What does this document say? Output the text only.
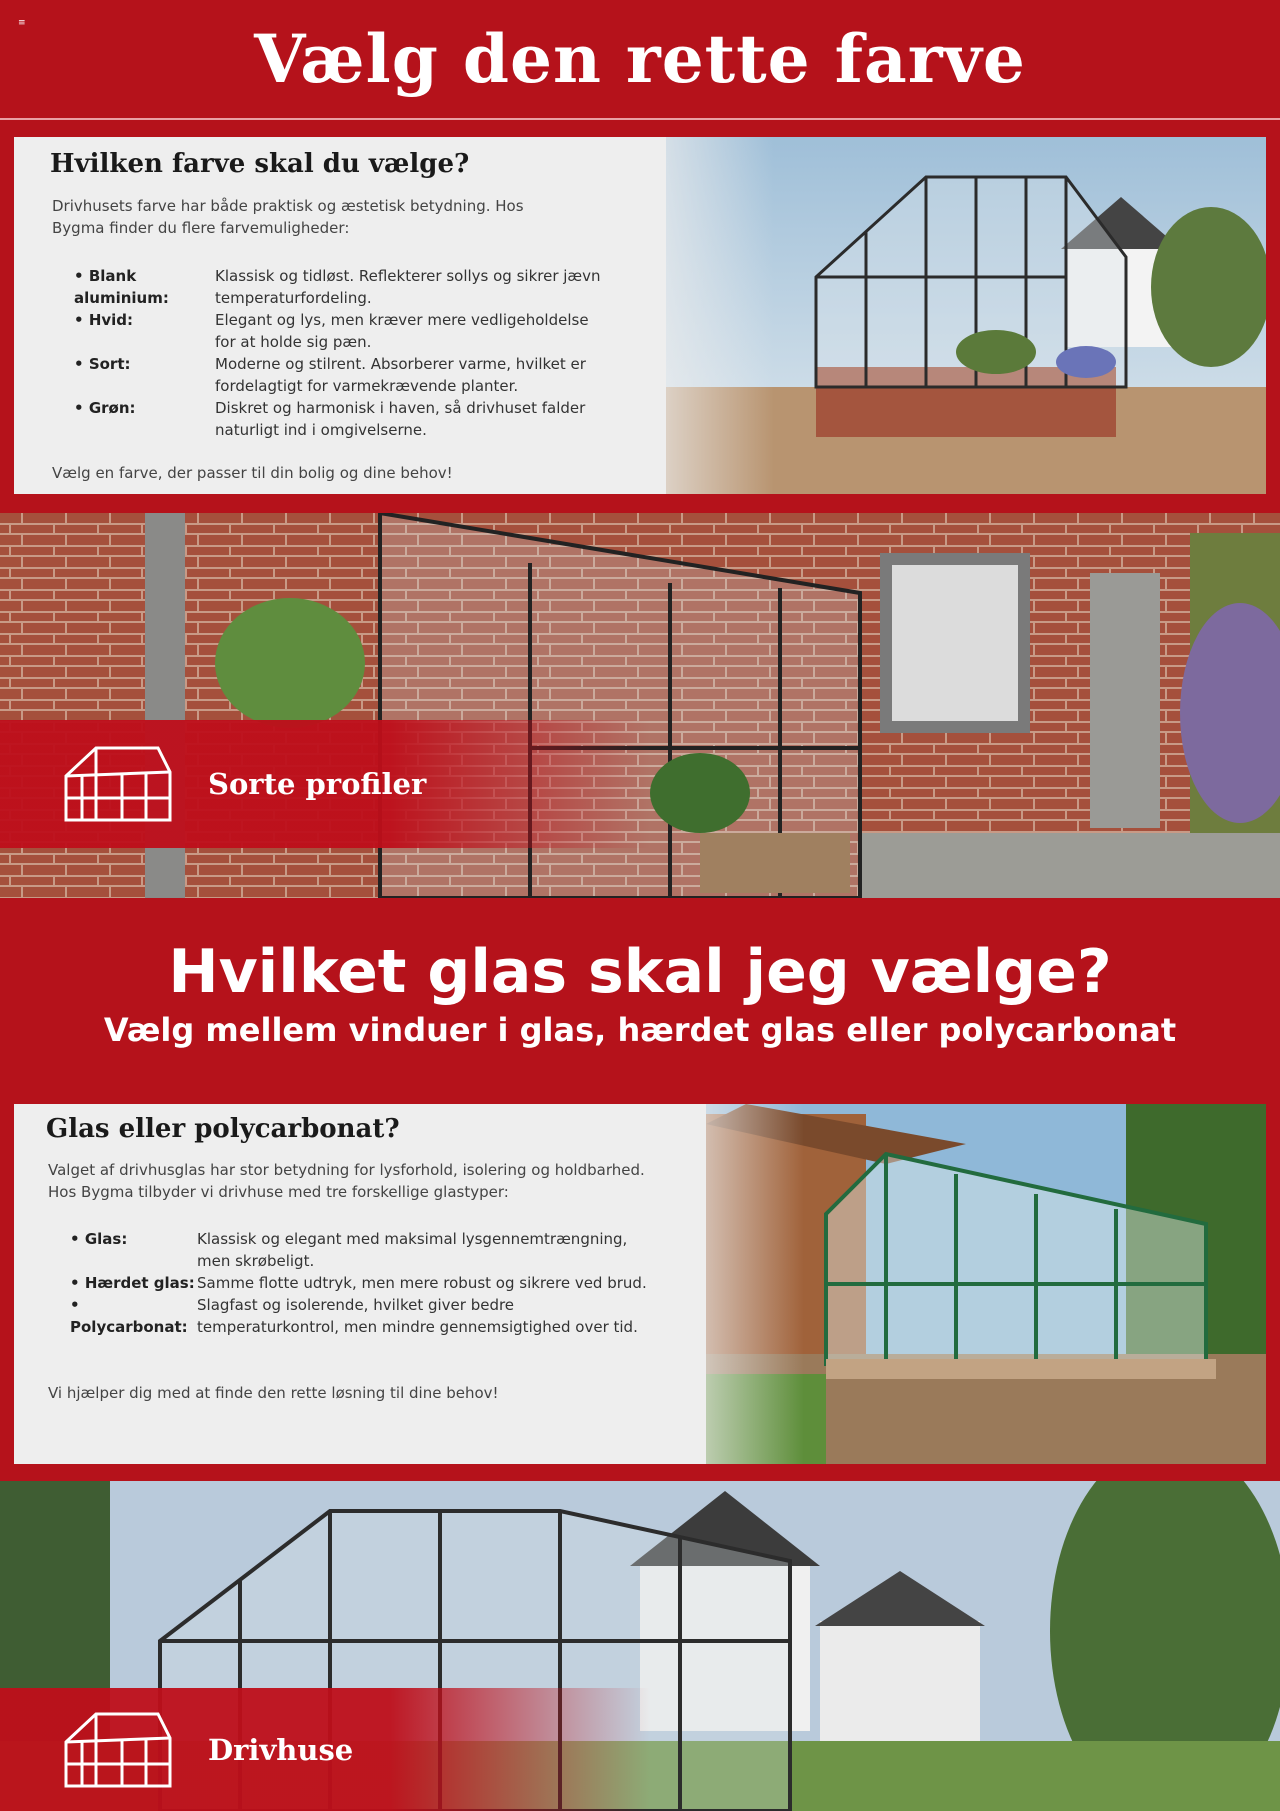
≡	Vælg den rette farve
Hvilken farve skal du vælge?

Drivhusets farve har både praktisk og æstetisk betydning. Hos Bygma finder du flere farvemuligheder:

• Blank aluminium:
Klassisk og tidløst. Reflekterer sollys og sikrer jævn temperaturfordeling.
• Hvid:	Elegant og lys, men kræver mere vedligeholdelse for at holde sig pæn.
• Sort:	Moderne og stilrent. Absorberer varme, hvilket er fordelagtigt for varmekrævende planter.
• Grøn:	Diskret og harmonisk i haven, så drivhuset falder naturligt ind i omgivelserne.

Vælg en farve, der passer til din bolig og dine behov!

Sorte profiler
Hvilket glas skal jeg vælge?
Vælg mellem vinduer i glas, hærdet glas eller polycarbonat
Glas eller polycarbonat?

Valget af drivhusglas har stor betydning for lysforhold, isolering og holdbarhed. Hos Bygma tilbyder vi drivhuse med tre forskellige glastyper:

• Glas:	Klassisk og elegant med maksimal lysgennemtrængning, men skrøbeligt.
• Hærdet glas: Samme flotte udtryk, men mere robust og sikrere ved brud.
• Polycarbonat:
Slagfast og isolerende, hvilket giver bedre temperaturkontrol, men mindre gennemsigtighed over tid.

Vi hjælper dig med at finde den rette løsning til dine behov!

Drivhuse
